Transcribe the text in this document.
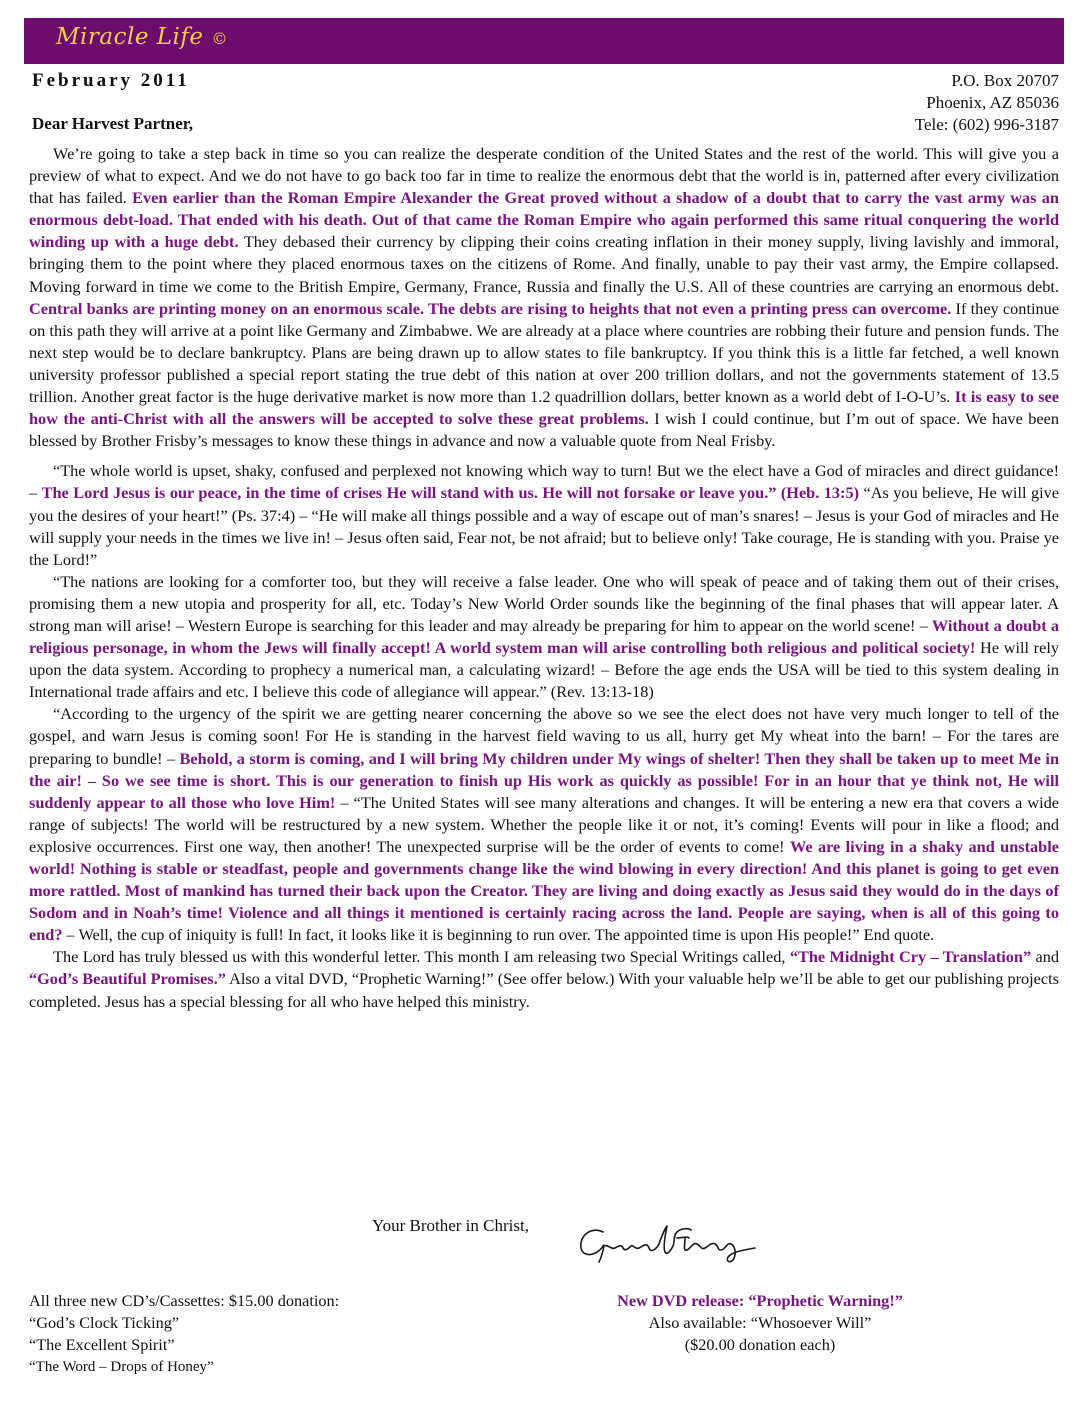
Miracle Life ©
February 2011	P.O. Box 20707
Phoenix, AZ 85036
Tele: (602) 996-3187
Dear Harvest Partner,

We’re going to take a step back in time so you can realize the desperate condition of the United States and the rest of the world. This will give you a preview of what to expect. And we do not have to go back too far in time to realize the enormous debt that the world is in, patterned after every civilization that has failed. Even earlier than the Roman Empire Alexander the Great proved without a shadow of a doubt that to carry the vast army was an enormous debt-load. That ended with his death. Out of that came the Roman Empire who again performed this same ritual conquering the world winding up with a huge debt. They debased their currency by clipping their coins creating inflation in their money supply, living lavishly and immoral, bringing them to the point where they placed enormous taxes on the citizens of Rome. And finally, unable to pay their vast army, the Empire collapsed. Moving forward in time we come to the British Empire, Germany, France, Russia and finally the U.S. All of these countries are carrying an enormous debt. Central banks are printing money on an enormous scale. The debts are rising to heights that not even a printing press can overcome. If they continue on this path they will arrive at a point like Germany and Zimbabwe. We are already at a place where countries are robbing their future and pension funds. The next step would be to declare bankruptcy. Plans are being drawn up to allow states to file bankruptcy. If you think this is a little far fetched, a well known university professor published a special report stating the true debt of this nation at over 200 trillion dollars, and not the governments statement of 13.5 trillion. Another great factor is the huge derivative market is now more than 1.2 quadrillion dollars, better known as a world debt of I-O-U’s. It is easy to see how the anti-Christ with all the answers will be accepted to solve these great problems. I wish I could continue, but I’m out of space. We have been blessed by Brother Frisby’s messages to know these things in advance and now a valuable quote from Neal Frisby.

“The whole world is upset, shaky, confused and perplexed not knowing which way to turn! But we the elect have a God of miracles and direct guidance! – The Lord Jesus is our peace, in the time of crises He will stand with us. He will not forsake or leave you.” (Heb. 13:5) “As you believe, He will give you the desires of your heart!” (Ps. 37:4) – “He will make all things possible and a way of escape out of man’s snares! – Jesus is your God of miracles and He will supply your needs in the times we live in! – Jesus often said, Fear not, be not afraid; but to believe only! Take courage, He is standing with you. Praise ye the Lord!”

“The nations are looking for a comforter too, but they will receive a false leader. One who will speak of peace and of taking them out of their crises, promising them a new utopia and prosperity for all, etc. Today’s New World Order sounds like the beginning of the final phases that will appear later. A strong man will arise! – Western Europe is searching for this leader and may already be preparing for him to appear on the world scene! – Without a doubt a religious personage, in whom the Jews will finally accept! A world system man will arise controlling both religious and political society! He will rely upon the data system. According to prophecy a numerical man, a calculating wizard! – Before the age ends the USA will be tied to this system dealing in International trade affairs and etc. I believe this code of allegiance will appear.” (Rev. 13:13-18)

“According to the urgency of the spirit we are getting nearer concerning the above so we see the elect does not have very much longer to tell of the gospel, and warn Jesus is coming soon! For He is standing in the harvest field waving to us all, hurry get My wheat into the barn! – For the tares are preparing to bundle! – Behold, a storm is coming, and I will bring My children under My wings of shelter! Then they shall be taken up to meet Me in the air! – So we see time is short. This is our generation to finish up His work as quickly as possible! For in an hour that ye think not, He will suddenly appear to all those who love Him! – “The United States will see many alterations and changes. It will be entering a new era that covers a wide range of subjects! The world will be restructured by a new system. Whether the people like it or not, it’s coming! Events will pour in like a flood; and explosive occurrences. First one way, then another! The unexpected surprise will be the order of events to come! We are living in a shaky and unstable world! Nothing is stable or steadfast, people and governments change like the wind blowing in every direction! And this planet is going to get even more rattled. Most of mankind has turned their back upon the Creator. They are living and doing exactly as Jesus said they would do in the days of Sodom and in Noah’s time! Violence and all things it mentioned is certainly racing across the land. People are saying, when is all of this going to end? – Well, the cup of iniquity is full! In fact, it looks like it is beginning to run over. The appointed time is upon His people!” End quote.

The Lord has truly blessed us with this wonderful letter. This month I am releasing two Special Writings called, “The Midnight Cry – Translation” and “God’s Beautiful Promises.” Also a vital DVD, “Prophetic Warning!” (See offer below.) With your valuable help we’ll be able to get our publishing projects completed. Jesus has a special blessing for all who have helped this ministry.

Your Brother in Christ,
All three new CD’s/Cassettes: $15.00 donation:
“God’s Clock Ticking”
“The Excellent Spirit”
“The Word – Drops of Honey”
New DVD release: “Prophetic Warning!”
Also available: “Whosoever Will”
($20.00 donation each)
